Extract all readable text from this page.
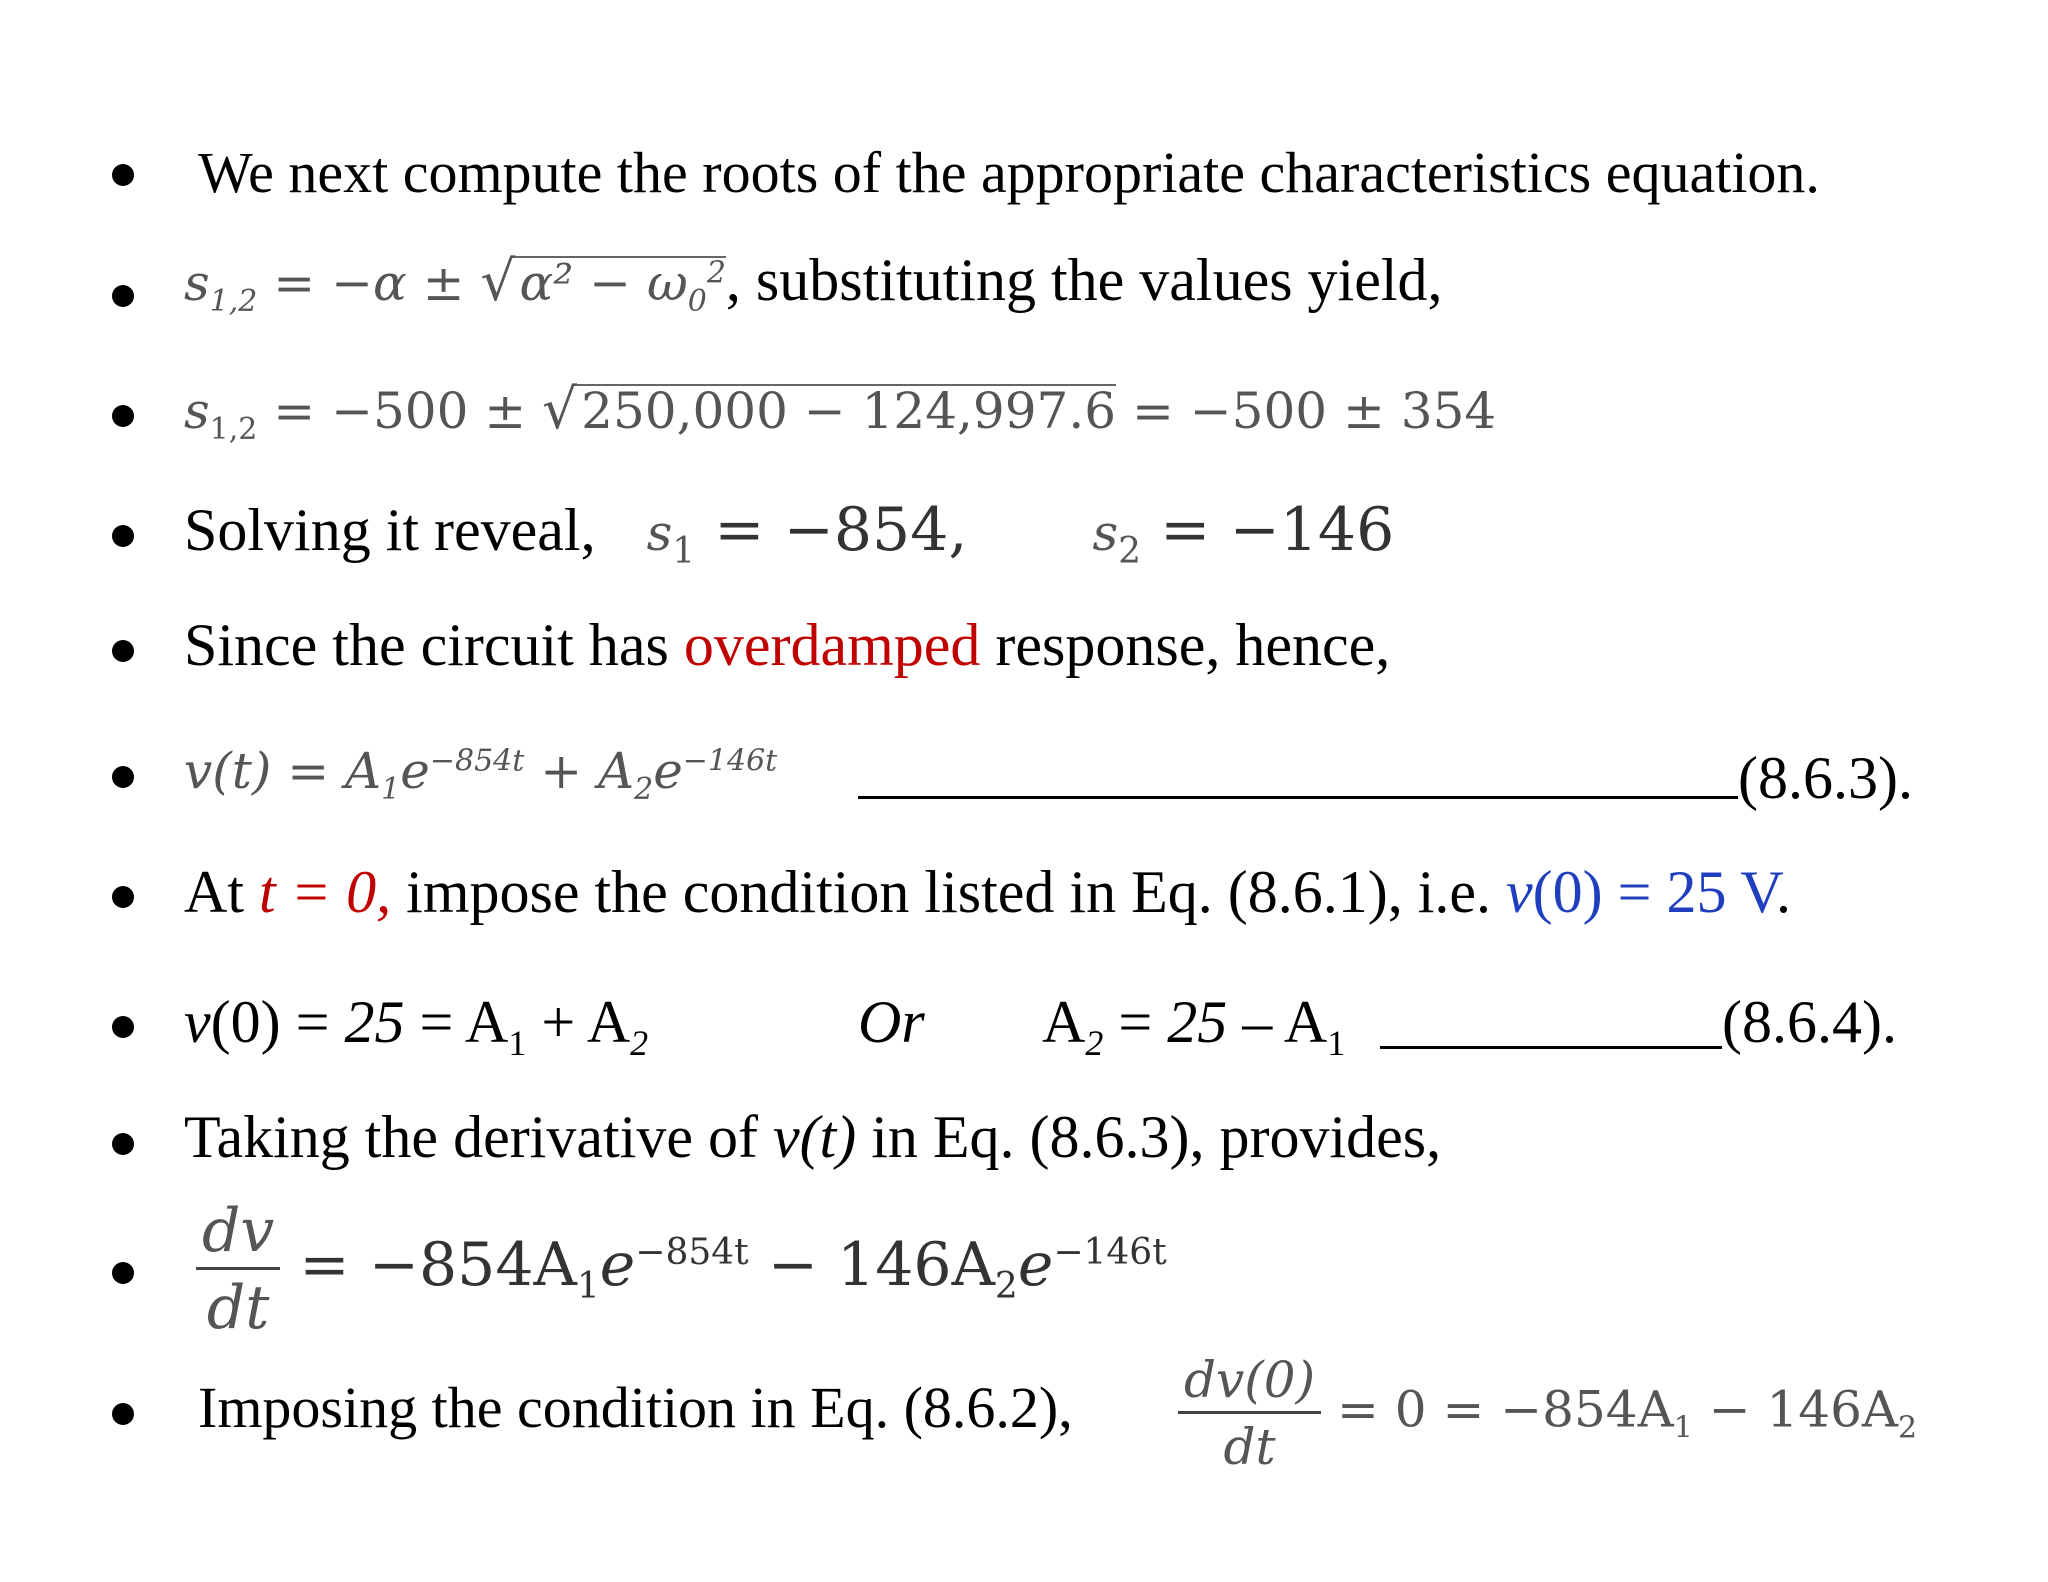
We next compute the roots of the appropriate characteristics equation.
$s_{1,2} = -\alpha \pm √\alpha^2 - \omega_0^2$, substituting the values yield,
$s_{1,2} = -500 \pm √250,000 - 124,997.6 = -500 \pm 354$
Solving it reveal, $s_1 = -854$,	$s_2 = -146$
Since the circuit has overdamped response, hence,
$v(t) = A_1e^{-854t} + A_2e^{-146t}$	(8.6.3).
At t = 0, impose the condition listed in Eq. (8.6.1), i.e. v(0) = 25 V.
$v(0) = 25 = A_1 + A_2$	Or $A_2 = 25 - A_1$	(8.6.4).
Taking the derivative of v(t) in Eq. (8.6.3), provides,
$\frac{dv}{dt} = -854A_1e^{-854t} - 146A_2e^{-146t}$
Imposing the condition in Eq. (8.6.2), $\frac{dv(0)}{dt} = 0 = -854A_1 - 146A_2$
